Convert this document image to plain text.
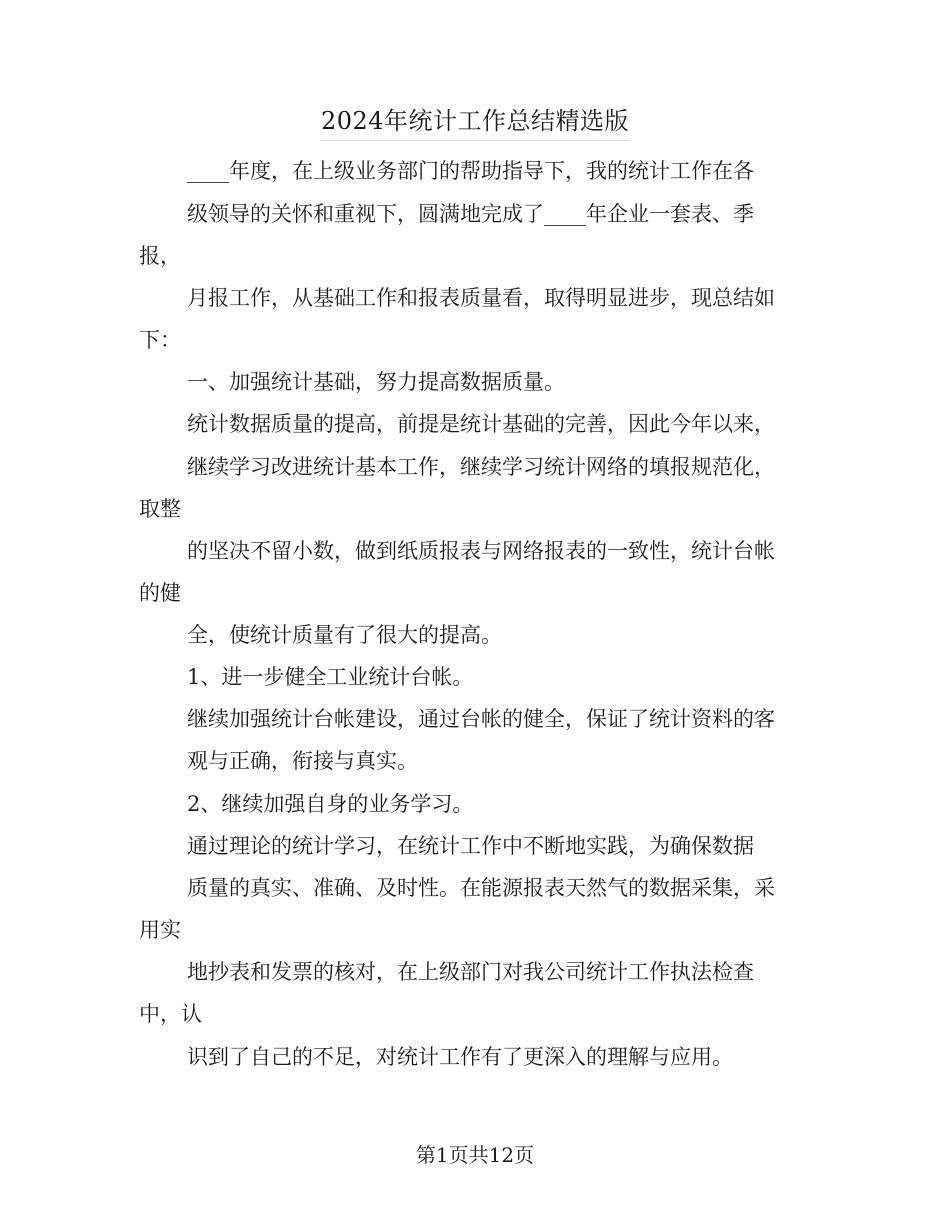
2024年统计工作总结精选版
____年度，在上级业务部门的帮助指导下，我的统计工作在各
级领导的关怀和重视下，圆满地完成了____年企业一套表、季
报，
月报工作，从基础工作和报表质量看，取得明显进步，现总结如
下：
一、加强统计基础，努力提高数据质量。
统计数据质量的提高，前提是统计基础的完善，因此今年以来，
继续学习改进统计基本工作，继续学习统计网络的填报规范化，
取整
的坚决不留小数，做到纸质报表与网络报表的一致性，统计台帐
的健
全，使统计质量有了很大的提高。
1、进一步健全工业统计台帐。
继续加强统计台帐建设，通过台帐的健全，保证了统计资料的客
观与正确，衔接与真实。
2、继续加强自身的业务学习。
通过理论的统计学习，在统计工作中不断地实践，为确保数据
质量的真实、准确、及时性。在能源报表天然气的数据采集，采
用实
地抄表和发票的核对，在上级部门对我公司统计工作执法检查
中，认
识到了自己的不足，对统计工作有了更深入的理解与应用。
第1页共12页
